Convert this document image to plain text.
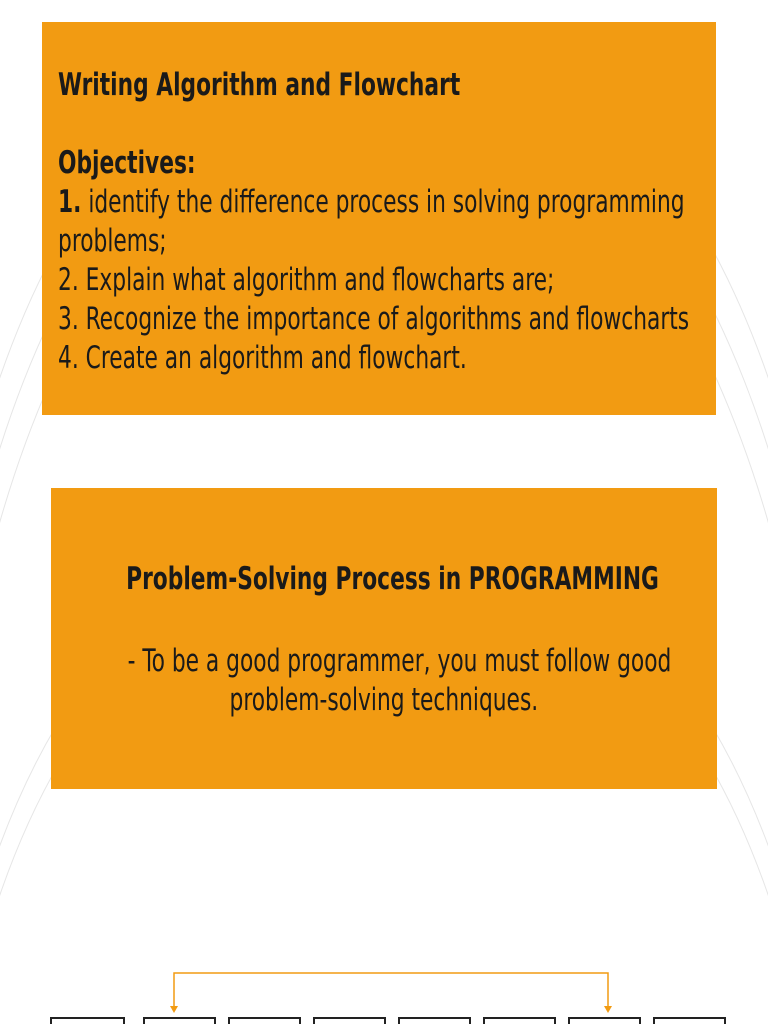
Writing Algorithm and Flowchart
Objectives:
1. identify the difference process in solving programming
problems;
2. Explain what algorithm and flowcharts are;
3. Recognize the importance of algorithms and flowcharts
4. Create an algorithm and flowchart.
Problem-Solving Process in PROGRAMMING
- To be a good programmer, you must follow good
problem-solving techniques.
